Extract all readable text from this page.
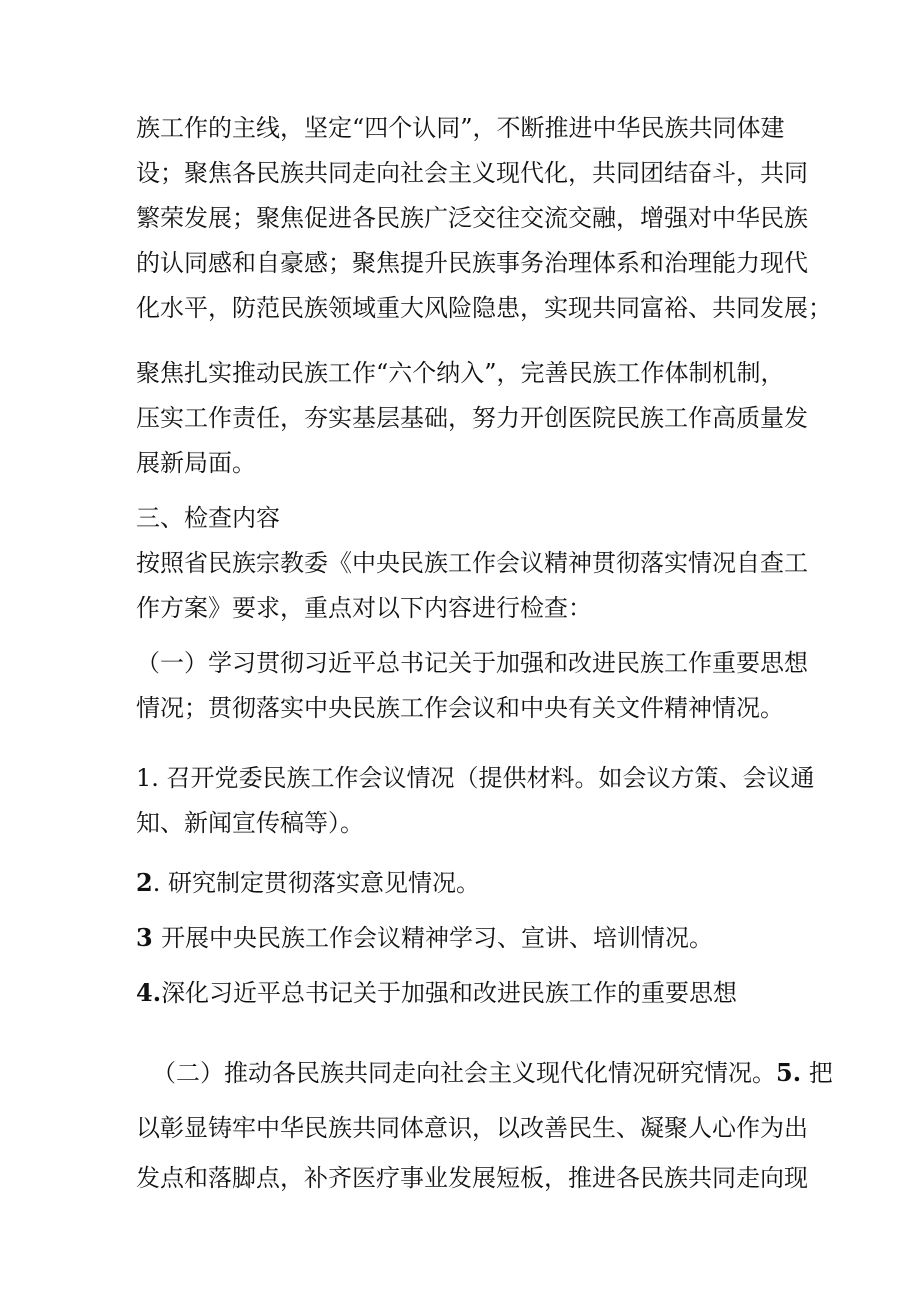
族工作的主线，坚定“四个认同”，不断推进中华民族共同体建
设；聚焦各民族共同走向社会主义现代化，共同团结奋斗，共同
繁荣发展；聚焦促进各民族广泛交往交流交融，增强对中华民族
的认同感和自豪感；聚焦提升民族事务治理体系和治理能力现代
化水平，防范民族领域重大风险隐患，实现共同富裕、共同发展；
聚焦扎实推动民族工作“六个纳入”，完善民族工作体制机制，
压实工作责任，夯实基层基础，努力开创医院民族工作高质量发
展新局面。
三、检查内容
按照省民族宗教委《中央民族工作会议精神贯彻落实情况自查工
作方案》要求，重点对以下内容进行检查：
（一）学习贯彻习近平总书记关于加强和改进民族工作重要思想
情况；贯彻落实中央民族工作会议和中央有关文件精神情况。
1. 召开党委民族工作会议情况（提供材料。如会议方策、会议通
知、新闻宣传稿等）。
2. 研究制定贯彻落实意见情况。
3 开展中央民族工作会议精神学习、宣讲、培训情况。
4.深化习近平总书记关于加强和改进民族工作的重要思想
（二）推动各民族共同走向社会主义现代化情况研究情况。5. 把
以彰显铸牢中华民族共同体意识，以改善民生、凝聚人心作为出
发点和落脚点，补齐医疗事业发展短板，推进各民族共同走向现
